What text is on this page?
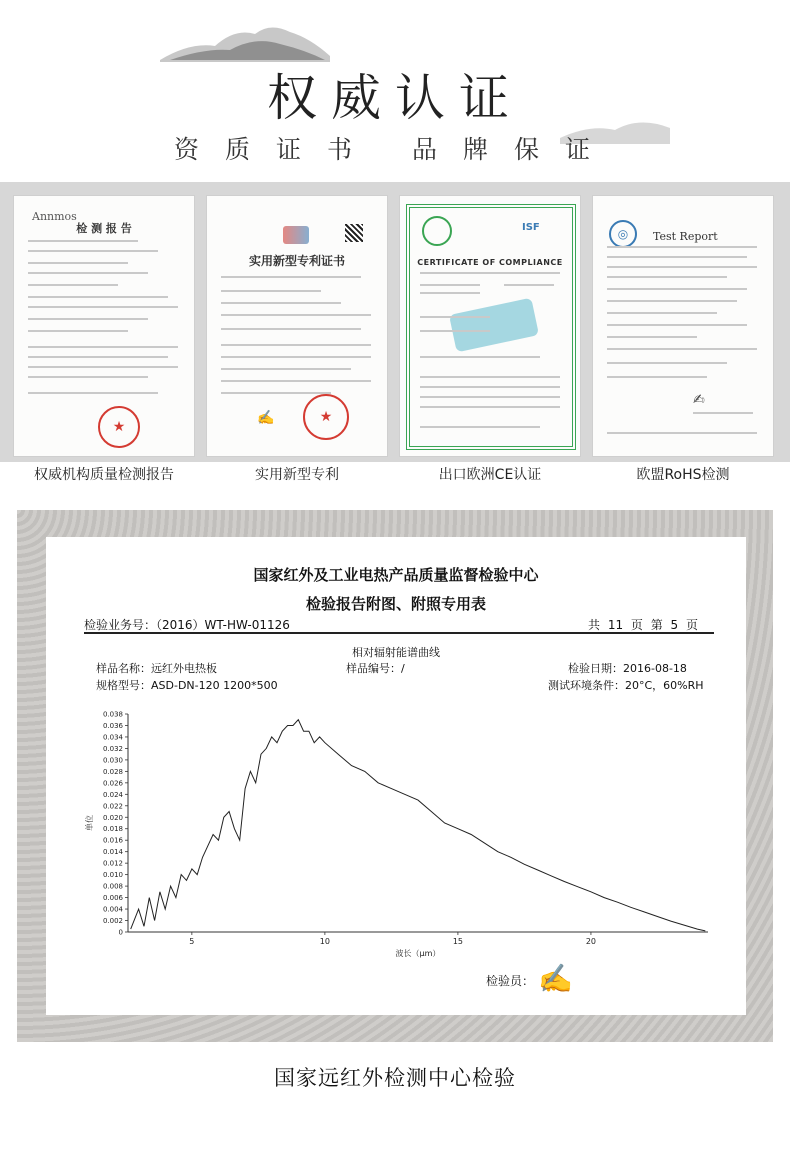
权威认证
资质证书 品牌保证
Annmos
检 测 报 告
★
权威机构质量检测报告
实用新型专利证书
★
✍
实用新型专利
ISF
CERTIFICATE OF COMPLIANCE
出口欧洲CE认证
◎	Test Report
✍
欧盟RoHS检测
国家红外及工业电热产品质量监督检验中心
检验报告附图、附照专用表
检验业务号：（2016）WT-HW-01126	共 11 页 第 5 页
相对辐射能谱曲线
样品名称：远红外电热板	样品编号：/	检验日期：2016-08-18
规格型号：ASD-DN-120 1200*500	测试环境条件：20°C，60%RH
0
0.002
0.004
0.006
0.008
0.010
0.012
0.014
0.016
0.018
0.020
0.022
0.024
0.026
0.028
0.030
0.032
0.034
0.036
0.038
5	10	15	20
单位
波长（μm）
检验员： ✍
国家远红外检测中心检验
